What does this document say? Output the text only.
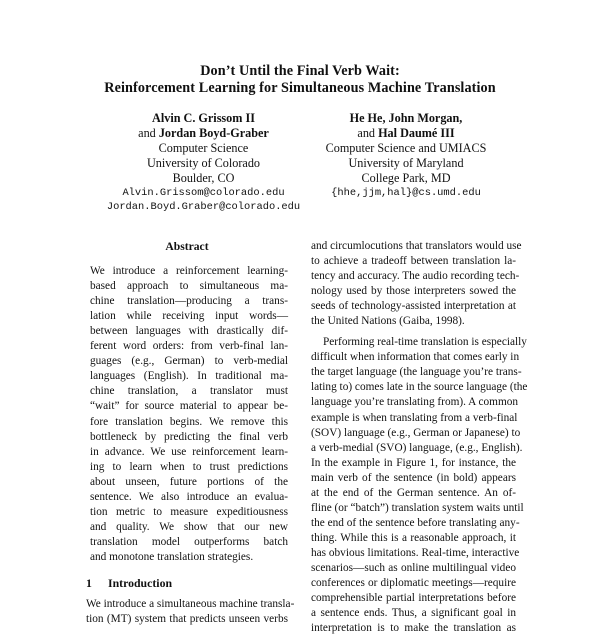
Don’t Until the Final Verb Wait:
Reinforcement Learning for Simultaneous Machine Translation
Alvin C. Grissom II
and Jordan Boyd-Graber
Computer Science
University of Colorado
Boulder, CO
Alvin.Grissom@colorado.edu
Jordan.Boyd.Graber@colorado.edu
He He, John Morgan,
and Hal Daumé III
Computer Science and UMIACS
University of Maryland
College Park, MD
{hhe,jjm,hal}@cs.umd.edu
Abstract
We introduce a reinforcement learning-
based approach to simultaneous ma-
chine translation—producing a trans-
lation while receiving input words—
between languages with drastically dif-
ferent word orders: from verb-final lan-
guages (e.g., German) to verb-medial
languages (English). In traditional ma-
chine translation, a translator must
“wait” for source material to appear be-
fore translation begins. We remove this
bottleneck by predicting the final verb
in advance. We use reinforcement learn-
ing to learn when to trust predictions
about unseen, future portions of the
sentence. We also introduce an evalua-
tion metric to measure expeditiousness
and quality. We show that our new
translation model outperforms batch
and monotone translation strategies.
1 Introduction
We introduce a simultaneous machine transla-
tion (MT) system that predicts unseen verbs
and circumlocutions that translators would use
to achieve a tradeoff between translation la-
tency and accuracy. The audio recording tech-
nology used by those interpreters sowed the
seeds of technology-assisted interpretation at
the United Nations (Gaiba, 1998).
Performing real-time translation is especially
difficult when information that comes early in
the target language (the language you’re trans-
lating to) comes late in the source language (the
language you’re translating from). A common
example is when translating from a verb-final
(SOV) language (e.g., German or Japanese) to
a verb-medial (SVO) language, (e.g., English).
In the example in Figure 1, for instance, the
main verb of the sentence (in bold) appears
at the end of the German sentence. An of-
fline (or “batch”) translation system waits until
the end of the sentence before translating any-
thing. While this is a reasonable approach, it
has obvious limitations. Real-time, interactive
scenarios—such as online multilingual video
conferences or diplomatic meetings—require
comprehensible partial interpretations before
a sentence ends. Thus, a significant goal in
interpretation is to make the translation as
